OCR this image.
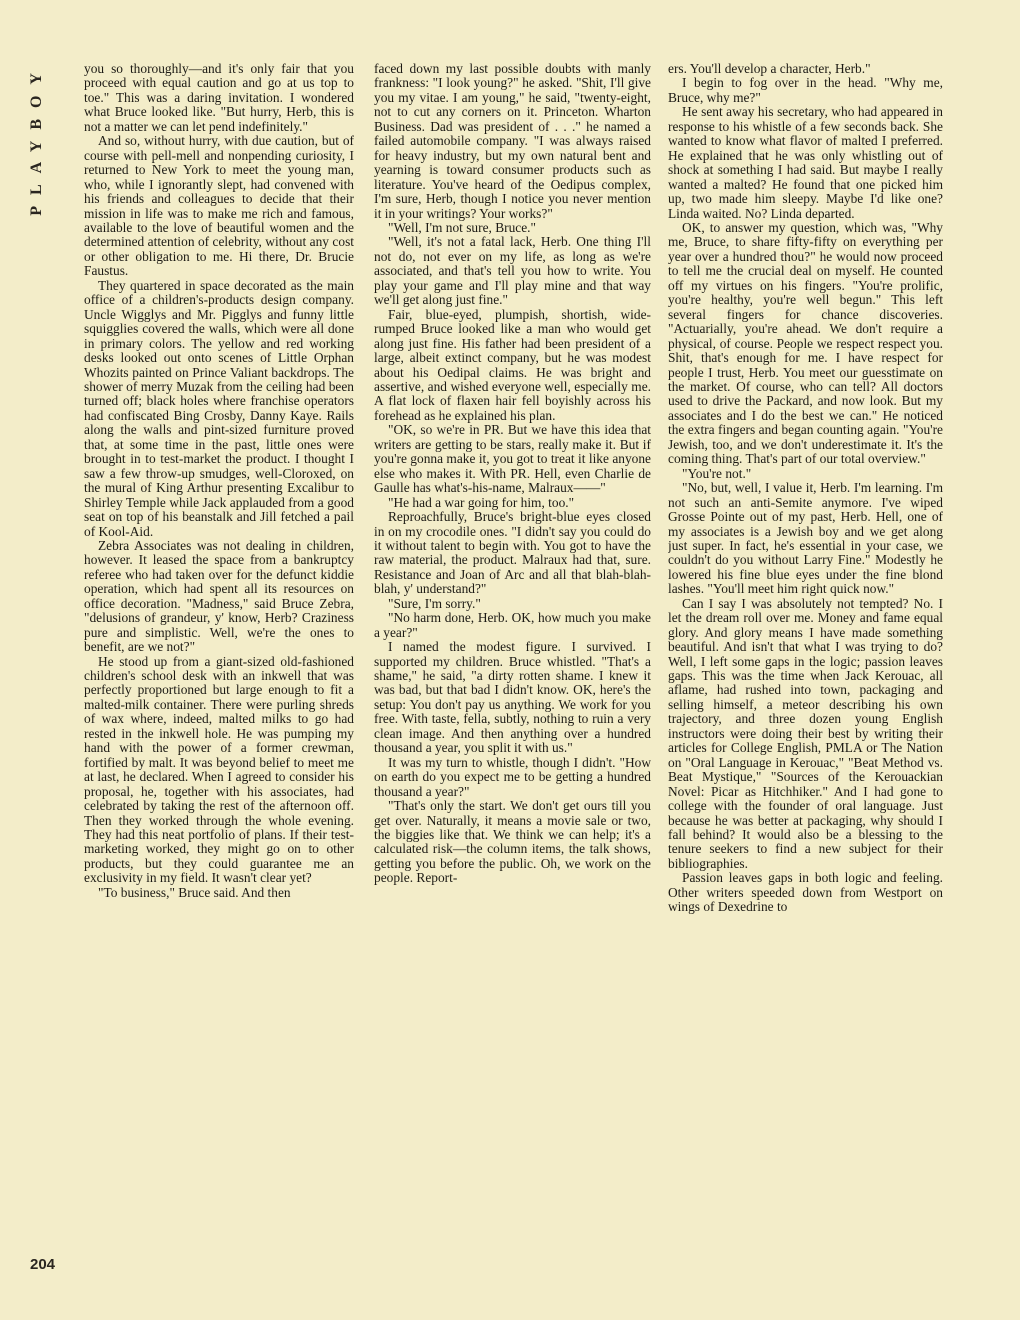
PLAYBOY	you so thoroughly—and it's only fair that you proceed with equal caution and go at us top to toe." This was a daring invitation. I wondered what Bruce looked like. "But hurry, Herb, this is not a matter we can let pend indefinitely."

And so, without hurry, with due caution, but of course with pell-mell and nonpending curiosity, I returned to New York to meet the young man, who, while I ignorantly slept, had convened with his friends and colleagues to decide that their mission in life was to make me rich and famous, available to the love of beautiful women and the determined attention of celebrity, without any cost or other obligation to me. Hi there, Dr. Brucie Faustus.

They quartered in space decorated as the main office of a children's-products design company. Uncle Wigglys and Mr. Pigglys and funny little squigglies covered the walls, which were all done in primary colors. The yellow and red working desks looked out onto scenes of Little Orphan Whozits painted on Prince Valiant backdrops. The shower of merry Muzak from the ceiling had been turned off; black holes where franchise operators had confiscated Bing Crosby, Danny Kaye. Rails along the walls and pint-sized furniture proved that, at some time in the past, little ones were brought in to test-market the product. I thought I saw a few throw-up smudges, well-Cloroxed, on the mural of King Arthur presenting Excalibur to Shirley Temple while Jack applauded from a good seat on top of his beanstalk and Jill fetched a pail of Kool-Aid.

Zebra Associates was not dealing in children, however. It leased the space from a bankruptcy referee who had taken over for the defunct kiddie operation, which had spent all its resources on office decoration. "Madness," said Bruce Zebra, "delusions of grandeur, y' know, Herb? Craziness pure and simplistic. Well, we're the ones to benefit, are we not?"

He stood up from a giant-sized old-fashioned children's school desk with an inkwell that was perfectly proportioned but large enough to fit a malted-milk container. There were purling shreds of wax where, indeed, malted milks to go had rested in the inkwell hole. He was pumping my hand with the power of a former crewman, fortified by malt. It was beyond belief to meet me at last, he declared. When I agreed to consider his proposal, he, together with his associates, had celebrated by taking the rest of the afternoon off. Then they worked through the whole evening. They had this neat portfolio of plans. If their test-marketing worked, they might go on to other products, but they could guarantee me an exclusivity in my field. It wasn't clear yet?

"To business," Bruce said. And then

faced down my last possible doubts with manly frankness: "I look young?" he asked. "Shit, I'll give you my vitae. I am young," he said, "twenty-eight, not to cut any corners on it. Princeton. Wharton Business. Dad was president of . . ." he named a failed automobile company. "I was always raised for heavy industry, but my own natural bent and yearning is toward consumer products such as literature. You've heard of the Oedipus complex, I'm sure, Herb, though I notice you never mention it in your writings? Your works?"

"Well, I'm not sure, Bruce."

"Well, it's not a fatal lack, Herb. One thing I'll not do, not ever on my life, as long as we're associated, and that's tell you how to write. You play your game and I'll play mine and that way we'll get along just fine."

Fair, blue-eyed, plumpish, shortish, wide-rumped Bruce looked like a man who would get along just fine. His father had been president of a large, albeit extinct company, but he was modest about his Oedipal claims. He was bright and assertive, and wished everyone well, especially me. A flat lock of flaxen hair fell boyishly across his forehead as he explained his plan.

"OK, so we're in PR. But we have this idea that writers are getting to be stars, really make it. But if you're gonna make it, you got to treat it like anyone else who makes it. With PR. Hell, even Charlie de Gaulle has what's-his-name, Malraux——"

"He had a war going for him, too."

Reproachfully, Bruce's bright-blue eyes closed in on my crocodile ones. "I didn't say you could do it without talent to begin with. You got to have the raw material, the product. Malraux had that, sure. Resistance and Joan of Arc and all that blah-blah-blah, y' understand?"

"Sure, I'm sorry."

"No harm done, Herb. OK, how much you make a year?"

I named the modest figure. I survived. I supported my children. Bruce whistled. "That's a shame," he said, "a dirty rotten shame. I knew it was bad, but that bad I didn't know. OK, here's the setup: You don't pay us anything. We work for you free. With taste, fella, subtly, nothing to ruin a very clean image. And then anything over a hundred thousand a year, you split it with us."

It was my turn to whistle, though I didn't. "How on earth do you expect me to be getting a hundred thousand a year?"

"That's only the start. We don't get ours till you get over. Naturally, it means a movie sale or two, the biggies like that. We think we can help; it's a calculated risk—the column items, the talk shows, getting you before the public. Oh, we work on the people. Report-

ers. You'll develop a character, Herb."

I begin to fog over in the head. "Why me, Bruce, why me?"

He sent away his secretary, who had appeared in response to his whistle of a few seconds back. She wanted to know what flavor of malted I preferred. He explained that he was only whistling out of shock at something I had said. But maybe I really wanted a malted? He found that one picked him up, two made him sleepy. Maybe I'd like one? Linda waited. No? Linda departed.

OK, to answer my question, which was, "Why me, Bruce, to share fifty-fifty on everything per year over a hundred thou?" he would now proceed to tell me the crucial deal on myself. He counted off my virtues on his fingers. "You're prolific, you're healthy, you're well begun." This left several fingers for chance discoveries. "Actuarially, you're ahead. We don't require a physical, of course. People we respect respect you. Shit, that's enough for me. I have respect for people I trust, Herb. You meet our guesstimate on the market. Of course, who can tell? All doctors used to drive the Packard, and now look. But my associates and I do the best we can." He noticed the extra fingers and began counting again. "You're Jewish, too, and we don't underestimate it. It's the coming thing. That's part of our total overview."

"You're not."

"No, but, well, I value it, Herb. I'm learning. I'm not such an anti-Semite anymore. I've wiped Grosse Pointe out of my past, Herb. Hell, one of my associates is a Jewish boy and we get along just super. In fact, he's essential in your case, we couldn't do you without Larry Fine." Modestly he lowered his fine blue eyes under the fine blond lashes. "You'll meet him right quick now."

Can I say I was absolutely not tempted? No. I let the dream roll over me. Money and fame equal glory. And glory means I have made something beautiful. And isn't that what I was trying to do? Well, I left some gaps in the logic; passion leaves gaps. This was the time when Jack Kerouac, all aflame, had rushed into town, packaging and selling himself, a meteor describing his own trajectory, and three dozen young English instructors were doing their best by writing their articles for College English, PMLA or The Nation on "Oral Language in Kerouac," "Beat Method vs. Beat Mystique," "Sources of the Kerouackian Novel: Picar as Hitchhiker." And I had gone to college with the founder of oral language. Just because he was better at packaging, why should I fall behind? It would also be a blessing to the tenure seekers to find a new subject for their bibliographies.

Passion leaves gaps in both logic and feeling. Other writers speeded down from Westport on wings of Dexedrine to

204
